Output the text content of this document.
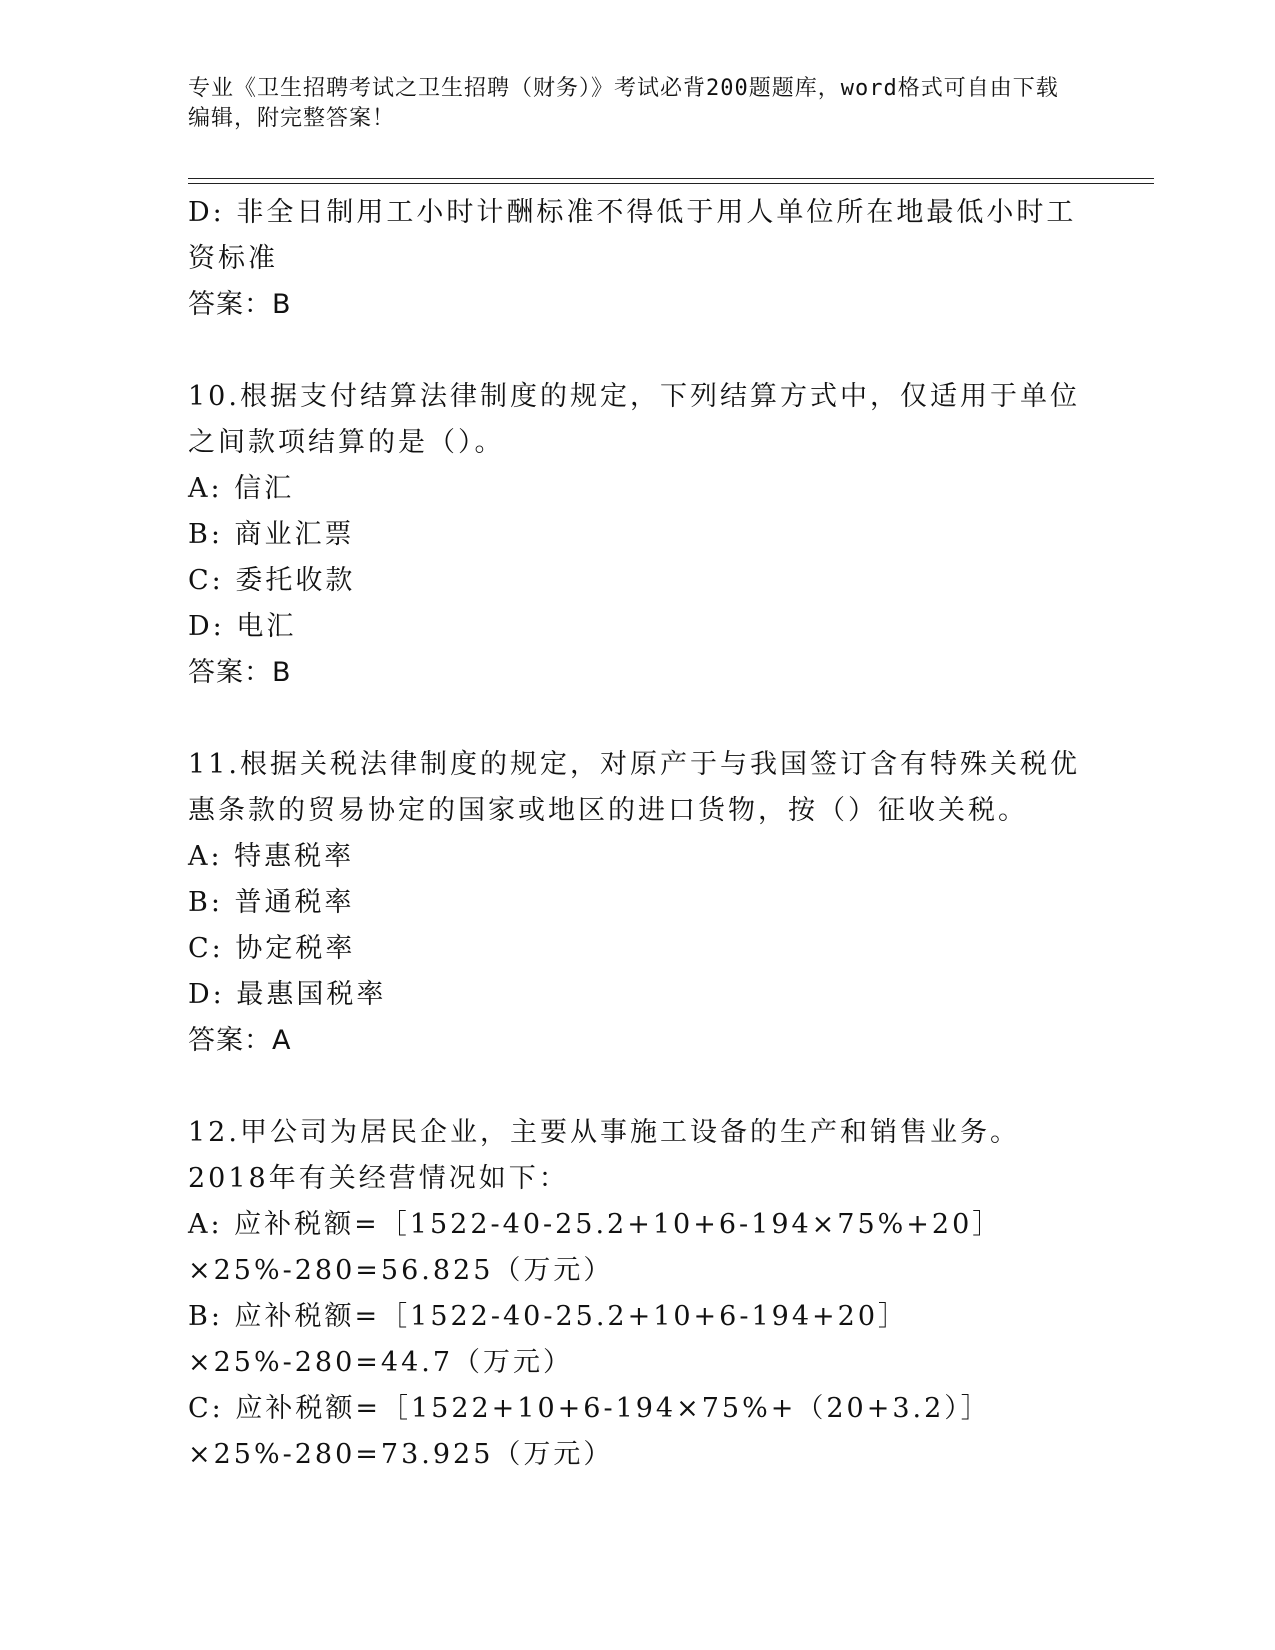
专业《卫生招聘考试之卫生招聘（财务）》考试必背200题题库，word格式可自由下载编辑，附完整答案！
D: 非全日制用工小时计酬标准不得低于用人单位所在地最低小时工资标准
答案：B
10.根据支付结算法律制度的规定，下列结算方式中，仅适用于单位之间款项结算的是（）。
A: 信汇
B: 商业汇票
C: 委托收款
D: 电汇
答案：B
11.根据关税法律制度的规定，对原产于与我国签订含有特殊关税优惠条款的贸易协定的国家或地区的进口货物，按（）征收关税。
A: 特惠税率
B: 普通税率
C: 协定税率
D: 最惠国税率
答案：A
12.甲公司为居民企业，主要从事施工设备的生产和销售业务。2018年有关经营情况如下：
A: 应补税额=［1522-40-25.2+10+6-194×75%+20］×25%-280=56.825（万元）
B: 应补税额=［1522-40-25.2+10+6-194+20］×25%-280=44.7（万元）
C: 应补税额=［1522+10+6-194×75%+（20+3.2）］×25%-280=73.925（万元）
